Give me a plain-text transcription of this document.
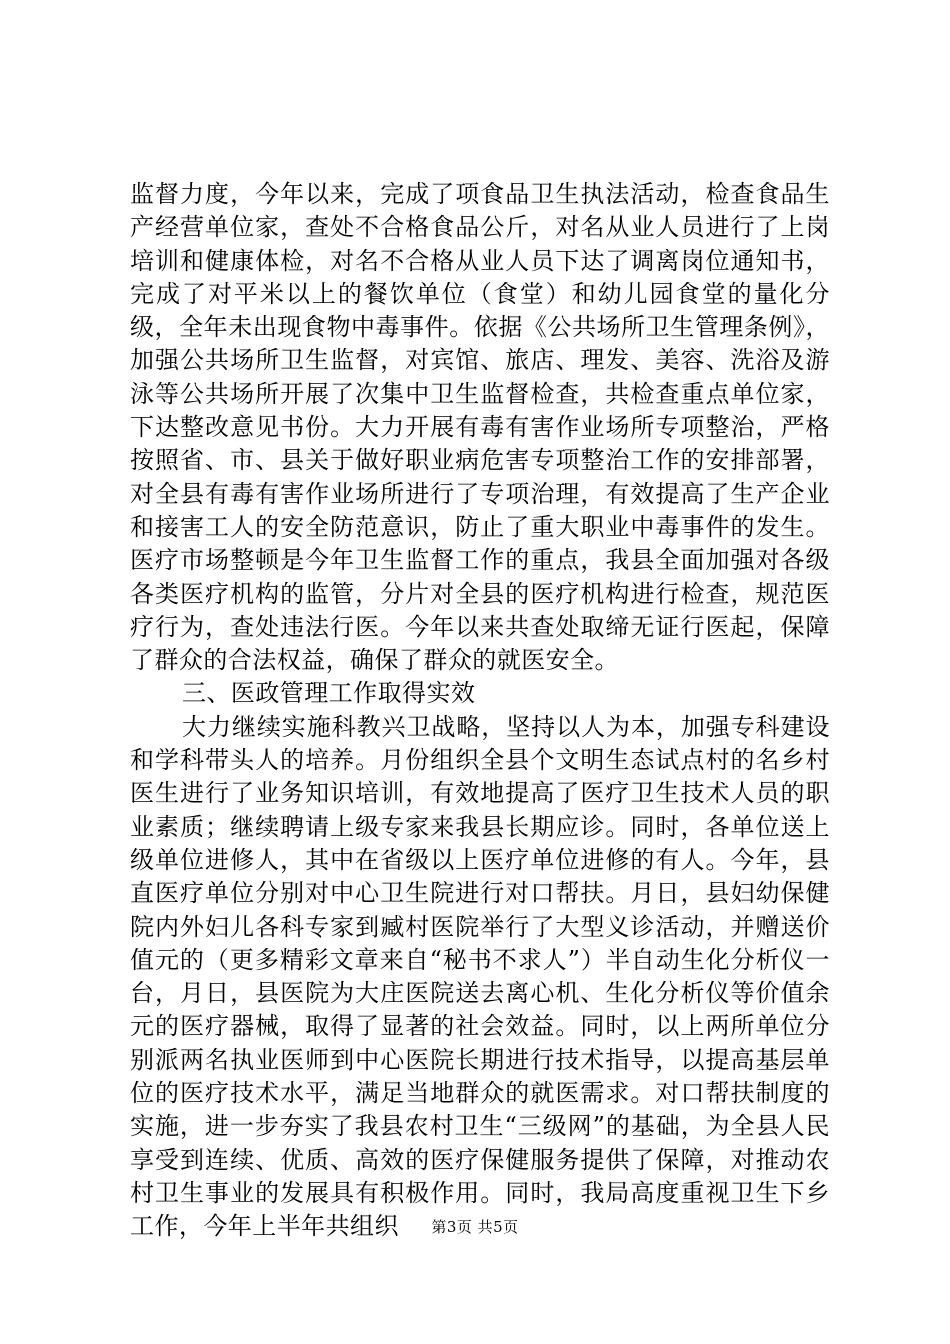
监督力度，今年以来，完成了项食品卫生执法活动，检查食品生产经营单位家，查处不合格食品公斤，对名从业人员进行了上岗培训和健康体检，对名不合格从业人员下达了调离岗位通知书，完成了对平米以上的餐饮单位（食堂）和幼儿园食堂的量化分级，全年未出现食物中毒事件。依据《公共场所卫生管理条例》，加强公共场所卫生监督，对宾馆、旅店、理发、美容、洗浴及游泳等公共场所开展了次集中卫生监督检查，共检查重点单位家，下达整改意见书份。大力开展有毒有害作业场所专项整治，严格按照省、市、县关于做好职业病危害专项整治工作的安排部署，对全县有毒有害作业场所进行了专项治理，有效提高了生产企业和接害工人的安全防范意识，防止了重大职业中毒事件的发生。医疗市场整顿是今年卫生监督工作的重点，我县全面加强对各级各类医疗机构的监管，分片对全县的医疗机构进行检查，规范医疗行为，查处违法行医。今年以来共查处取缔无证行医起，保障了群众的合法权益，确保了群众的就医安全。

三、医政管理工作取得实效

大力继续实施科教兴卫战略，坚持以人为本，加强专科建设和学科带头人的培养。月份组织全县个文明生态试点村的名乡村医生进行了业务知识培训，有效地提高了医疗卫生技术人员的职业素质；继续聘请上级专家来我县长期应诊。同时，各单位送上级单位进修人，其中在省级以上医疗单位进修的有人。今年，县直医疗单位分别对中心卫生院进行对口帮扶。月日，县妇幼保健院内外妇儿各科专家到臧村医院举行了大型义诊活动，并赠送价值元的（更多精彩文章来自“秘书不求人”）半自动生化分析仪一台，月日，县医院为大庄医院送去离心机、生化分析仪等价值余元的医疗器械，取得了显著的社会效益。同时，以上两所单位分别派两名执业医师到中心医院长期进行技术指导，以提高基层单位的医疗技术水平，满足当地群众的就医需求。对口帮扶制度的实施，进一步夯实了我县农村卫生“三级网”的基础，为全县人民享受到连续、优质、高效的医疗保健服务提供了保障，对推动农村卫生事业的发展具有积极作用。同时，我局高度重视卫生下乡工作，今年上半年共组织	第3页 共5页
